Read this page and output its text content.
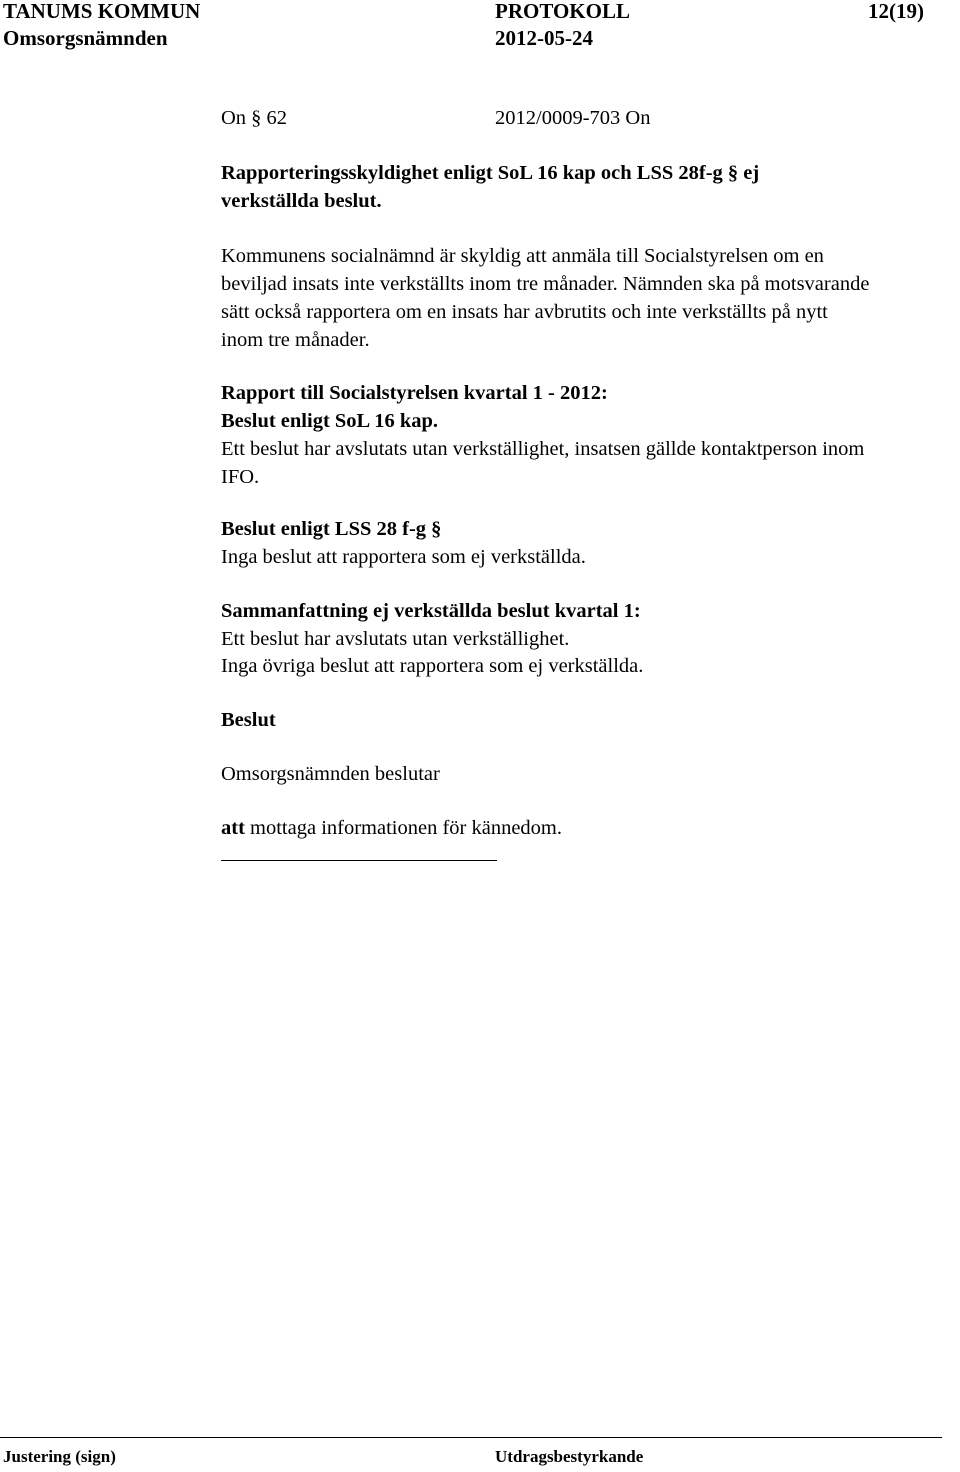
TANUMS KOMMUN	PROTOKOLL	12(19)
Omsorgsnämnden	2012-05-24
On § 62	2012/0009-703 On
Rapporteringsskyldighet enligt SoL 16 kap och LSS 28f-g § ej
verkställda beslut.
Kommunens socialnämnd är skyldig att anmäla till Socialstyrelsen om en
beviljad insats inte verkställts inom tre månader. Nämnden ska på motsvarande
sätt också rapportera om en insats har avbrutits och inte verkställts på nytt
inom tre månader.
Rapport till Socialstyrelsen kvartal 1 - 2012:
Beslut enligt SoL 16 kap.
Ett beslut har avslutats utan verkställighet, insatsen gällde kontaktperson inom
IFO.
Beslut enligt LSS 28 f-g §
Inga beslut att rapportera som ej verkställda.
Sammanfattning ej verkställda beslut kvartal 1:
Ett beslut har avslutats utan verkställighet.
Inga övriga beslut att rapportera som ej verkställda.
Beslut
Omsorgsnämnden beslutar
att mottaga informationen för kännedom.
Justering (sign)	Utdragsbestyrkande
